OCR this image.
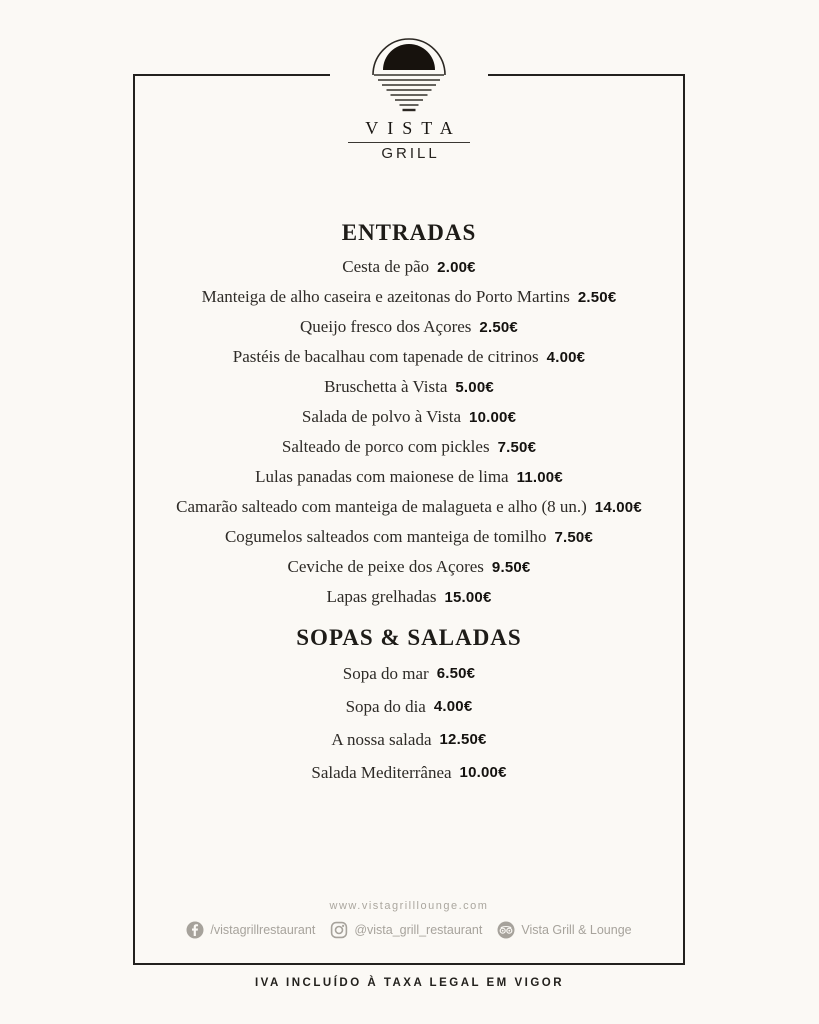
VISTA
GRILL
ENTRADAS
Cesta de pão 2.00€
Manteiga de alho caseira e azeitonas do Porto Martins 2.50€
Queijo fresco dos Açores 2.50€
Pastéis de bacalhau com tapenade de citrinos 4.00€
Bruschetta à Vista 5.00€
Salada de polvo à Vista 10.00€
Salteado de porco com pickles 7.50€
Lulas panadas com maionese de lima 11.00€
Camarão salteado com manteiga de malagueta e alho (8 un.) 14.00€
Cogumelos salteados com manteiga de tomilho 7.50€
Ceviche de peixe dos Açores 9.50€
Lapas grelhadas 15.00€
SOPAS & SALADAS
Sopa do mar 6.50€
Sopa do dia 4.00€
A nossa salada 12.50€
Salada Mediterrânea 10.00€
www.vistagrilllounge.com
/vistagrillrestaurant	@vista_grill_restaurant	Vista Grill & Lounge
IVA INCLUÍDO À TAXA LEGAL EM VIGOR
